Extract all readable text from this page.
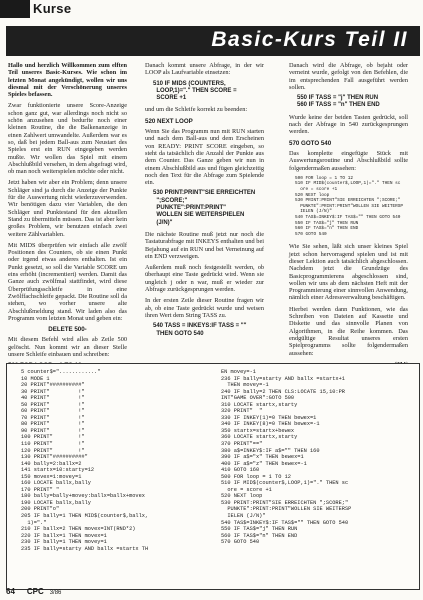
Kurse
Basic-Kurs Teil II

Hallo und herzlich Willkommen zum elften Teil unseres Basic-Kurses. Wie schon im letzten Monat angekündigt, wollen wir uns diesmal mit der Verschönerung unseres Spieles befassen.

Zwar funktionierte unsere Score-Anzeige schon ganz gut, war allerdings noch nicht so schön anzusehen und bedurfte noch einer kleinen Routine, die die Balkenanzeige in einen Zahlwert umwandelte. Außerdem war es so, daß bei jedem Ball-aus zum Neustart des Spieles erst ein RUN eingegeben werden mußte. Wir wollen das Spiel mit einem Abschlußbild versehen, in dem abgefragt wird, ob man noch weiterspielen möchte oder nicht.

Jetzt haben wir aber ein Problem; denn unsere Schläger sind ja durch die Anzeige der Punkte für die Auswertung nicht wiederzuverwenden. Wir benötigen dazu vier Variablen, die den Schläger und Punktestand für den aktuellen Stand zu übermitteln müssen. Das ist aber kein großes Problem, wir benutzen einfach zwei weitere Zählvariablen.

Mit MIDS überprüfen wir einfach alle zwölf Positionen des Counters, ob sie einen Punkt oder irgend etwas anderes enthalten. Ist ein Punkt gesetzt, so soll die Variable SCORE um eins erhöht (incrementiert) werden. Damit das Ganze auch zwölfmal stattfindet, wird diese Überprüfungsschleife in eine Zwölffachschleife gepackt. Die Routine soll da stehen, wo vorher unsere alte Abschlußmeldung stand. Wir laden also das Programm vom letzten Monat und geben ein:

DELETE 500-

Mit diesem Befehl wird alles ab Zeile 500 gelöscht. Nun kommt wir an dieser Stelle unsere Schleife einbauen und schreiben:

Danach kommt unsere Abfrage, in der wir LOOP als Laufvariable einsetzen:

510 IF MIDS (COUNTERS,
LOOP,1)="." THEN SCORE =
SCORE +1

und um die Schleife korrekt zu beenden:

520 NEXT LOOP

Wenn Sie das Programm nun mit RUN starten und nach dem Ball-aus und dem Erscheinen von READY: PRINT SCORE eingeben, so steht da tatsächlich die Anzahl der Punkte aus dem Counter. Das Ganze geben wir nun in einem Abschlußbild aus und fügen gleichzeitig noch den Text für die Abfrage zum Spielende ein.

530 PRINT:PRINT"SIE ERREICHTEN
";SCORE;"
PUNKTE":PRINT:PRINT"
WOLLEN SIE WEITERSPIELEN
(J/N)"

Die nächste Routine muß jetzt nur noch die Tastaturabfrage mit INKEYS enthalten und bei Bejahung auf ein RUN und bei Verneinung auf ein END verzweigen.

Außerdem muß noch festgestellt werden, ob überhaupt eine Taste gedrückt wird. Wenn sie ungleich j oder n war, muß er wieder zur Abfrage zurückgesprungen werden.

In der ersten Zeile dieser Routine fragen wir ab, ob eine Taste gedrückt wurde und weisen ihren Wert dem String TASS zu.

540 TASS = INKEYS:IF TASS = ""
THEN GOTO 540

Danach wird die Abfrage, ob bejaht oder verneint wurde, gefolgt von den Befehlen, die im entsprechenden Fall ausgeführt werden sollen.

550 IF TASS = "j" THEN RUN
560 IF TASS = "n" THEN END

Wurde keine der beiden Tasten gedrückt, soll nach der Abfrage in 540 zurückgesprungen werden.

570 GOTO 540

Das komplette eingefügte Stück mit Auswertungsroutine und Abschlußbild sollte folgendermaßen aussehen:

500 FOR loop = 1 TO 12
510 IF MID$(counter$,LOOP,1)="." THEN sc
ore = score +1
520 NEXT loop
530 PRINT:PRINT"SIE ERREICHTEN ";SCORE;"
PUNKTE":PRINT:PRINT"WOLLEN SIE WEITERSP
IELEN (J/N)"
540 TAS$=INKEY$:IF TAS$="" THEN GOTO 540
550 IF TAS$="j" THEN RUN
560 IF TAS$="n" THEN END
570 GOTO 540

Wie Sie sehen, läßt sich unser kleines Spiel jetzt schon hervorragend spielen und ist mit dieser Lektion auch tatsächlich abgeschlossen. Nachdem jetzt die Grundzüge des Basicprogrammierens abgeschlossen sind, wollen wir uns ab dem nächsten Heft mit der Programmierung einer sinnvollen Anwendung, nämlich einer Adressverwaltung beschäftigen.

Hierbei werden dann Funktionen, wie das Schreiben von Dateien auf Kassette und Diskette und das sinnvolle Planen von Algorithmen, in die Reihe kommen. Das endgültige Resultat unseres ersten Spielprogramms sollte folgendermaßen aussehen:

5 counter$="............"
10 MODE 1
20 PRINT"##########"
30 PRINT"         !"
40 PRINT"         !"
50 PRINT"         !"
60 PRINT"         !"
70 PRINT"         !"
80 PRINT"         !"
90 PRINT"         !"
100 PRINT"        !"
110 PRINT"        !"
120 PRINT"        !"
130 PRINT"##########"
140 bally=2:ballx=2
141 startx=10:starty=12
150 movex=1:movey=1
160 LOCATE ballx,bally
170 PRINT" "
180 bally=bally+movey:ballx=ballx+movex
190 LOCATE ballx,bally
200 PRINT"o"
205 IF bally=1 THEN MID$(counter$,ballx,
1)="."
210 IF ballx=2 THEN movex=INT(RND*2)
220 IF ballx=1 THEN movex=1
230 IF bally=1 THEN movey=1
235 IF bally=starty AND ballx =startx TH
EN movey=-1
236 IF bally=starty AND ballx =startx+1
THEN movey=-1
240 IF bally=2 THEN CLS:LOCATE 15,10:PR
INT"GAME OVER":GOTO 500
310 LOCATE startx,starty
320 PRINT"  "
330 IF INKEY(1)=0 THEN bewex=1
340 IF INKEY(8)=0 THEN bewex=-1
350 startx=startx+bewex
360 LOCATE startx,starty
370 PRINT"=="
380 a$=INKEY$:IF a$="" THEN 160
390 IF a$="x" THEN bewex=1
400 IF a$="z" THEN bewex=-1
410 GOTO 160
500 FOR loop = 1 TO 12
510 IF MID$(counter$,LOOP,1)="." THEN sc
ore = score +1
520 NEXT loop
530 PRINT:PRINT"SIE ERREICHTEN ";SCORE;"
PUNKTE":PRINT:PRINT"WOLLEN SIE WEITERSP
IELEN (J/N)"
540 TAS$=INKEY$:IF TAS$="" THEN GOTO 540
550 IF TAS$="j" THEN RUN
560 IF TAS$="n" THEN END
570 GOTO 540
64 CPC 3/86
